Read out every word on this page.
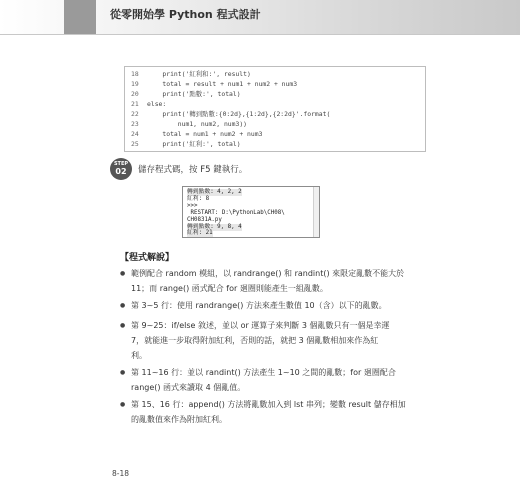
從零開始學 Python 程式設計
18 print('紅利和:', result)
19 total = result + num1 + num2 + num3
20 print('點數:', total)
21 else:
22 print('轉到點數:{0:2d},{1:2d},{2:2d}'.format(
23 num1, num2, num3))
24 total = num1 + num2 + num3
25 print('紅利:', total)
STEP
02	儲存程式碼，按 F5 鍵執行。
轉到點數: 4, 2, 2
紅利: 8
>>>
RESTART: D:\PythonLab\CH08\
CH0831A.py
轉到點數: 9, 8, 4
紅利: 21
【程式解說】
● 範例配合 random 模組，以 randrange() 和 randint() 來限定亂數不能大於
11；而 range() 函式配合 for 廻圈則能產生一組亂數。
● 第 3~5 行：使用 randrange() 方法來產生數值 10（含）以下的亂數。
● 第 9~25：if/else 敘述，並以 or 運算子來判斷 3 個亂數只有一個是幸運
7，就能進一步取得附加紅利，否則的話，就把 3 個亂數相加來作為紅
利。
● 第 11~16 行：並以 randint() 方法產生 1~10 之間的亂數；for 廻圈配合
range() 函式來讀取 4 個亂值。
● 第 15、16 行：append() 方法將亂數加入到 lst 串列；變數 result 儲存相加
的亂數值來作為附加紅利。
8-18
